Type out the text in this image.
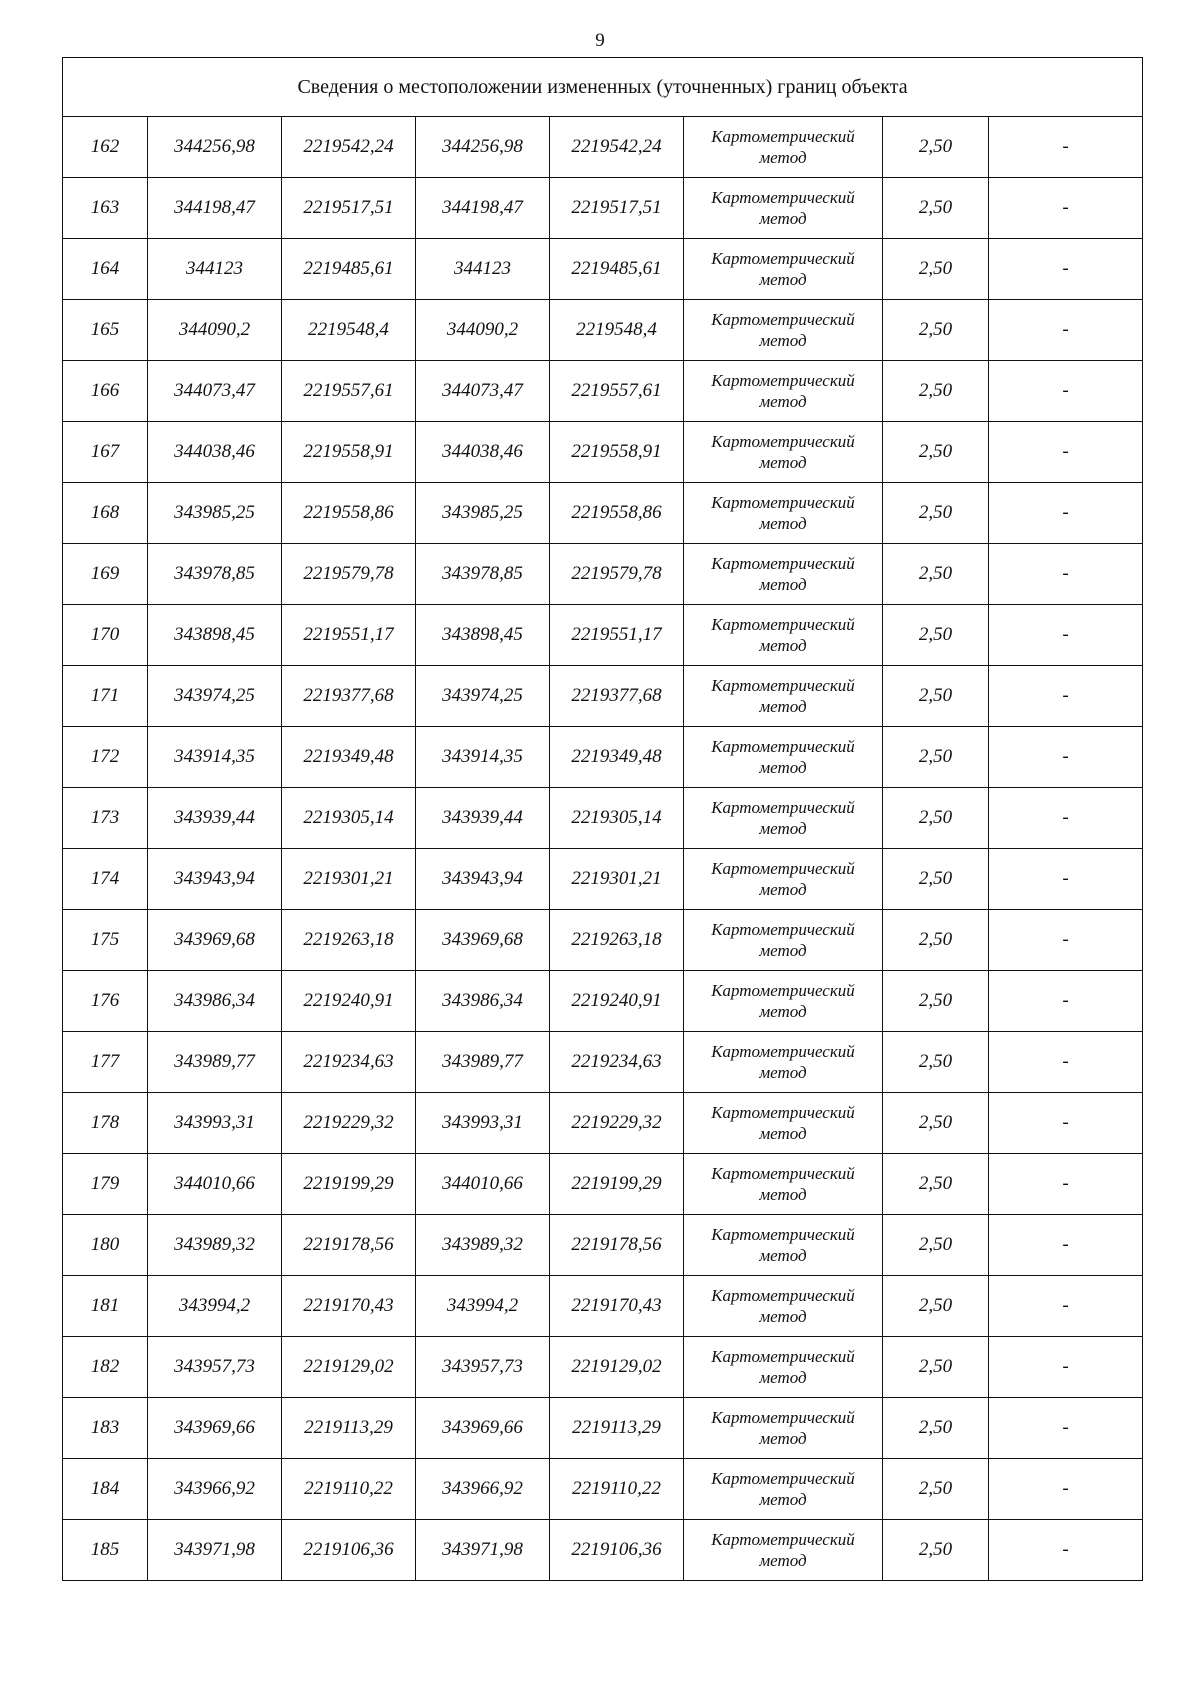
9
Сведения о местоположении измененных (уточненных) границ объекта							
162	344256,98	2219542,24	344256,98	2219542,24	Картометрический
метод	2,50	-
163	344198,47	2219517,51	344198,47	2219517,51	Картометрический
метод	2,50	-
164	344123	2219485,61	344123	2219485,61	Картометрический
метод	2,50	-
165	344090,2	2219548,4	344090,2	2219548,4	Картометрический
метод	2,50	-
166	344073,47	2219557,61	344073,47	2219557,61	Картометрический
метод	2,50	-
167	344038,46	2219558,91	344038,46	2219558,91	Картометрический
метод	2,50	-
168	343985,25	2219558,86	343985,25	2219558,86	Картометрический
метод	2,50	-
169	343978,85	2219579,78	343978,85	2219579,78	Картометрический
метод	2,50	-
170	343898,45	2219551,17	343898,45	2219551,17	Картометрический
метод	2,50	-
171	343974,25	2219377,68	343974,25	2219377,68	Картометрический
метод	2,50	-
172	343914,35	2219349,48	343914,35	2219349,48	Картометрический
метод	2,50	-
173	343939,44	2219305,14	343939,44	2219305,14	Картометрический
метод	2,50	-
174	343943,94	2219301,21	343943,94	2219301,21	Картометрический
метод	2,50	-
175	343969,68	2219263,18	343969,68	2219263,18	Картометрический
метод	2,50	-
176	343986,34	2219240,91	343986,34	2219240,91	Картометрический
метод	2,50	-
177	343989,77	2219234,63	343989,77	2219234,63	Картометрический
метод	2,50	-
178	343993,31	2219229,32	343993,31	2219229,32	Картометрический
метод	2,50	-
179	344010,66	2219199,29	344010,66	2219199,29	Картометрический
метод	2,50	-
180	343989,32	2219178,56	343989,32	2219178,56	Картометрический
метод	2,50	-
181	343994,2	2219170,43	343994,2	2219170,43	Картометрический
метод	2,50	-
182	343957,73	2219129,02	343957,73	2219129,02	Картометрический
метод	2,50	-
183	343969,66	2219113,29	343969,66	2219113,29	Картометрический
метод	2,50	-
184	343966,92	2219110,22	343966,92	2219110,22	Картометрический
метод	2,50	-
185	343971,98	2219106,36	343971,98	2219106,36	Картометрический
метод	2,50	-
